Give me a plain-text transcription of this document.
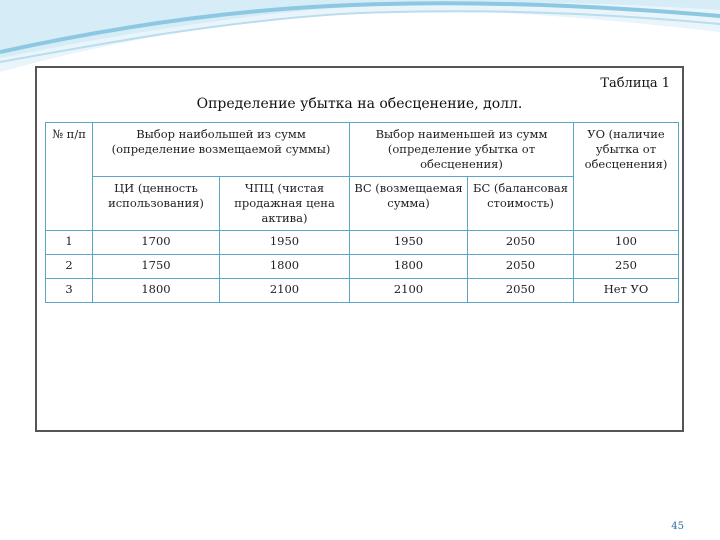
Таблица 1
Определение убытка на обесценение, долл.
№ п/п	Выбор наибольшей из сумм (определение возмещаемой суммы)		Выбор наименьшей из сумм (определение убытка от обесценения)		УО (наличие убытка от обесценения)
	ЦИ (ценность использования)	ЧПЦ (чистая продажная цена актива)	ВС (возмещаемая сумма)	БС (балансовая стоимость)	
1	1700	1950	1950	2050	100
2	1750	1800	1800	2050	250
3	1800	2100	2100	2050	Нет УО
45
